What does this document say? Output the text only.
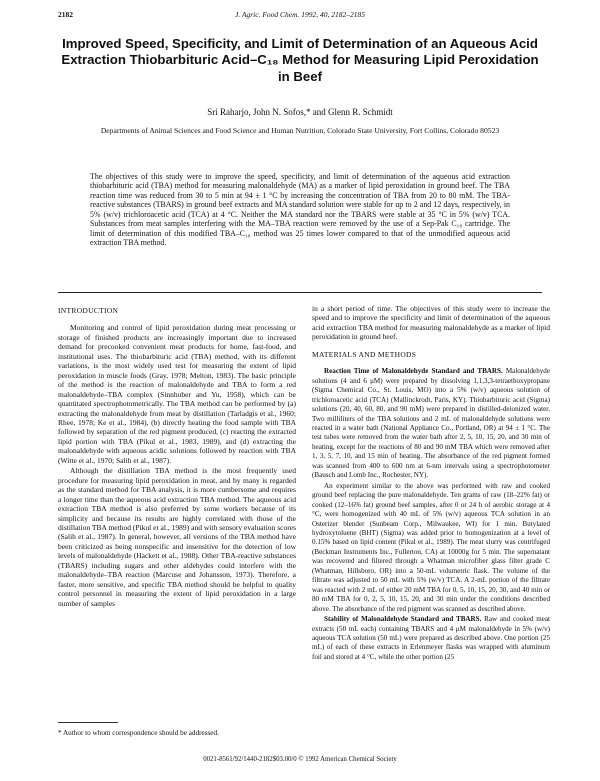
2182	J. Agric. Food Chem. 1992, 40, 2182–2185
Improved Speed, Specificity, and Limit of Determination of an Aqueous Acid Extraction Thiobarbituric Acid–C₁₈ Method for Measuring Lipid Peroxidation in Beef
Sri Raharjo, John N. Sofos,* and Glenn R. Schmidt
Departments of Animal Sciences and Food Science and Human Nutrition, Colorado State University, Fort Collins, Colorado 80523
The objectives of this study were to improve the speed, specificity, and limit of determination of the aqueous acid extraction thiobarbituric acid (TBA) method for measuring malonaldehyde (MA) as a marker of lipid peroxidation in ground beef. The TBA reaction time was reduced from 30 to 5 min at 94 ± 1 °C by increasing the concentration of TBA from 20 to 80 mM. The TBA-reactive substances (TBARS) in ground beef extracts and MA standard solution were stable for up to 2 and 12 days, respectively, in 5% (w/v) trichloroacetic acid (TCA) at 4 °C. Neither the MA standard nor the TBARS were stable at 35 °C in 5% (w/v) TCA. Substances from meat samples interfering with the MA–TBA reaction were removed by the use of a Sep-Pak C₁₈ cartridge. The limit of determination of this modified TBA–C₁₈ method was 25 times lower compared to that of the unmodified aqueous acid extraction TBA method.
INTRODUCTION

Monitoring and control of lipid peroxidation during meat processing or storage of finished products are increasingly important due to increased demand for precooked convenient meat products for home, fast-food, and institutional uses. The thiobarbituric acid (TBA) method, with its different variations, is the most widely used test for measuring the extent of lipid peroxidation in muscle foods (Gray, 1978; Melton, 1983). The basic principle of the method is the reaction of malonaldehyde and TBA to form a red malonaldehyde–TBA complex (Sinnhuber and Yu, 1958), which can be quantitated spectrophotometrically. The TBA method can be performed by (a) extracting the malonaldehyde from meat by distillation (Tarladgis et al., 1960; Rhee, 1978; Ke et al., 1984), (b) directly heating the food sample with TBA followed by separation of the red pigment produced, (c) reacting the extracted lipid portion with TBA (Pikul et al., 1983, 1989), and (d) extracting the malonaldehyde with aqueous acidic solutions followed by reaction with TBA (Witte et al., 1970; Salih et al., 1987).

Although the distillation TBA method is the most frequently used procedure for measuring lipid peroxidation in meat, and by many is regarded as the standard method for TBA analysis, it is more cumbersome and requires a longer time than the aqueous acid extraction TBA method. The aqueous acid extraction TBA method is also preferred by some workers because of its simplicity and because its results are highly correlated with those of the distillation TBA method (Pikul et al., 1989) and with sensory evaluation scores (Salih et al., 1987). In general, however, all versions of the TBA method have been criticized as being nonspecific and insensitive for the detection of low levels of malonaldehyde (Hackett et al., 1988). Other TBA-reactive substances (TBARS) including sugars and other aldehydes could interfere with the malonaldehyde–TBA reaction (Marcuse and Johansson, 1973). Therefore, a faster, more sensitive, and specific TBA method should be helpful to quality control personnel in measuring the extent of lipid peroxidation in a large number of samples

in a short period of time. The objectives of this study were to increase the speed and to improve the specificity and limit of determination of the aqueous acid extraction TBA method for measuring malonaldehyde as a marker of lipid peroxidation in ground beef.

MATERIALS AND METHODS

Reaction Time of Malonaldehyde Standard and TBARS. Malonaldehyde solutions (4 and 6 μM) were prepared by dissolving 1,1,3,3-tetraethoxypropane (Sigma Chemical Co., St. Louis, MO) into a 5% (w/v) aqueous solution of trichloroacetic acid (TCA) (Mallinckrodt, Paris, KY). Thiobarbituric acid (Sigma) solutions (20, 40, 60, 80, and 90 mM) were prepared in distilled-deionized water. Two milliliters of the TBA solutions and 2 mL of malonaldehyde solutions were reacted in a water bath (National Appliance Co., Portland, OR) at 94 ± 1 °C. The test tubes were removed from the water bath after 2, 5, 10, 15, 20, and 30 min of heating, except for the reactions of 80 and 90 mM TBA which were removed after 1, 3, 5, 7, 10, and 15 min of heating. The absorbance of the red pigment formed was scanned from 400 to 600 nm at 6-nm intervals using a spectrophotometer (Bausch and Lomb Inc., Rochester, NY).

An experiment similar to the above was performed with raw and cooked ground beef replacing the pure malonaldehyde. Ten grams of raw (18–22% fat) or cooked (12–16% fat) ground beef samples, after 0 or 24 h of aerobic storage at 4 °C, were homogenized with 40 mL of 5% (w/v) aqueous TCA solution in an Osterizer blender (Sunbeam Corp., Milwaukee, WI) for 1 min. Butylated hydroxytoluene (BHT) (Sigma) was added prior to homogenization at a level of 0.15% based on lipid content (Pikul et al., 1989). The meat slurry was centrifuged (Beckman Instruments Inc., Fullerton, CA) at 10000g for 5 min. The supernatant was recovered and filtered through a Whatman microfiber glass filter grade C (Whatman, Hillsboro, OR) into a 50-mL volumetric flask. The volume of the filtrate was adjusted to 50 mL with 5% (w/v) TCA. A 2-mL portion of the filtrate was reacted with 2 mL of either 20 mM TBA for 0, 5, 10, 15, 20, 30, and 40 min or 80 mM TBA for 0, 2, 5, 10, 15, 20, and 30 min under the conditions described above. The absorbance of the red pigment was scanned as described above.

Stability of Malonaldehyde Standard and TBARS. Raw and cooked meat extracts (50 mL each) containing TBARS and 4 μM malonaldehyde in 5% (w/v) aqueous TCA solution (50 mL) were prepared as described above. One portion (25 mL) of each of these extracts in Erlenmeyer flasks was wrapped with aluminum foil and stored at 4 °C, while the other portion (25

* Author to whom correspondence should be addressed.
0021-8561/92/1440-2182$03.00/0 © 1992 American Chemical Society
